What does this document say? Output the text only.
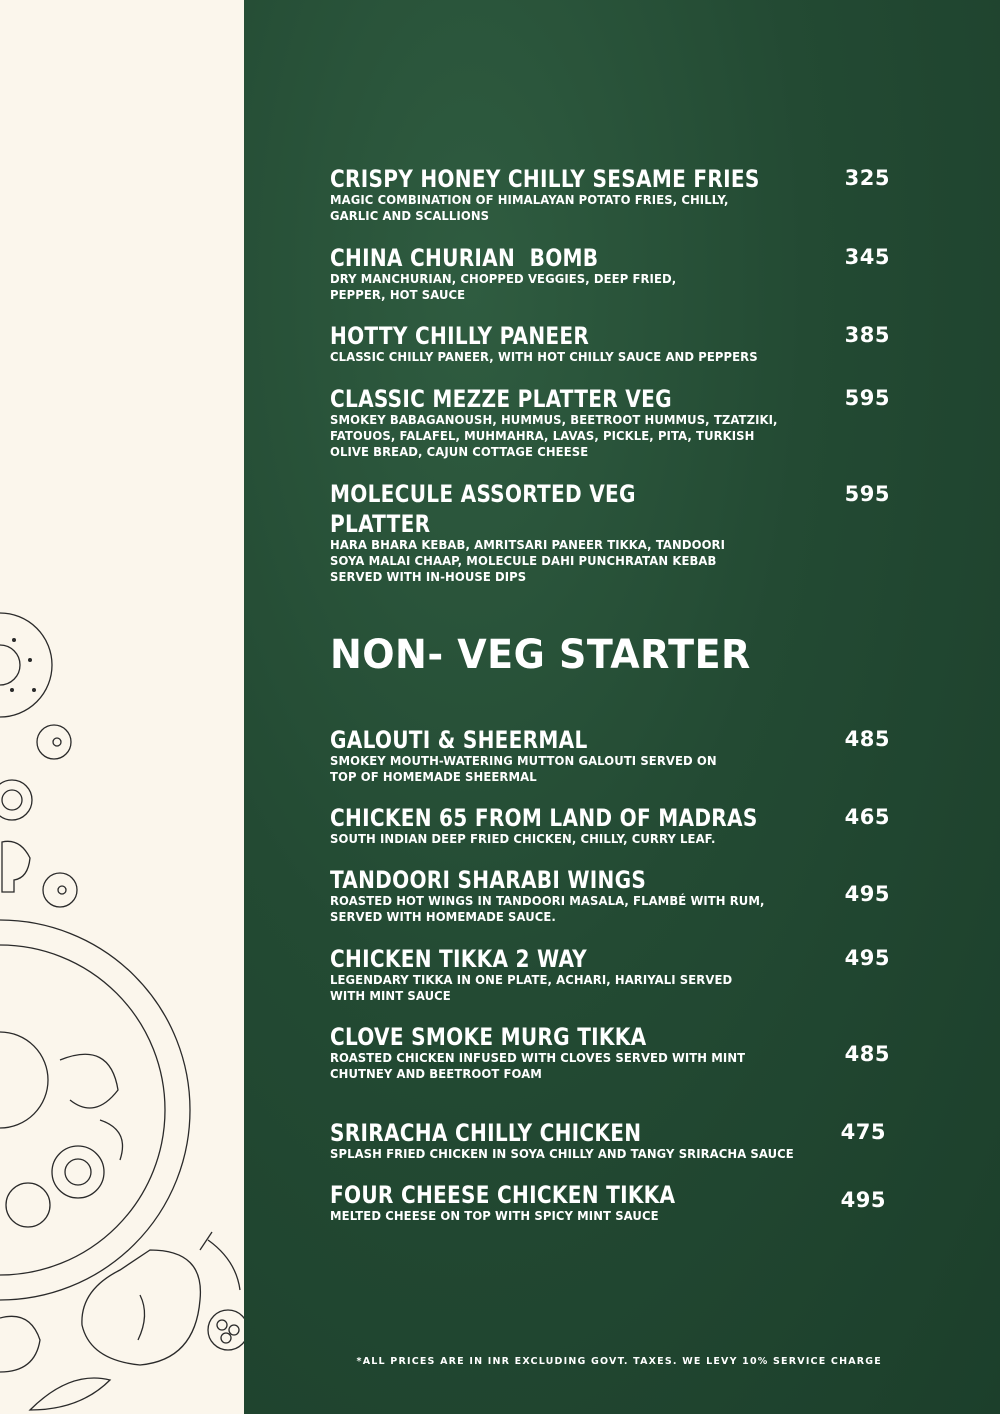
CRISPY HONEY CHILLY SESAME FRIES
MAGIC COMBINATION OF HIMALAYAN POTATO FRIES, CHILLY,
GARLIC AND SCALLIONS
325
CHINA CHURIAN  BOMB
DRY MANCHURIAN, CHOPPED VEGGIES, DEEP FRIED,
PEPPER, HOT SAUCE
345
HOTTY CHILLY PANEER
CLASSIC CHILLY PANEER, WITH HOT CHILLY SAUCE AND PEPPERS
385
CLASSIC MEZZE PLATTER VEG
SMOKEY BABAGANOUSH, HUMMUS, BEETROOT HUMMUS, TZATZIKI,
FATOUOS, FALAFEL, MUHMAHRA, LAVAS, PICKLE, PITA, TURKISH
OLIVE BREAD, CAJUN COTTAGE CHEESE
595
MOLECULE ASSORTED VEG PLATTER
HARA BHARA KEBAB, AMRITSARI PANEER TIKKA, TANDOORI
SOYA MALAI CHAAP, MOLECULE DAHI PUNCHRATAN KEBAB
SERVED WITH IN-HOUSE DIPS
595
NON- VEG STARTER
GALOUTI & SHEERMAL
SMOKEY MOUTH-WATERING MUTTON GALOUTI SERVED ON
TOP OF HOMEMADE SHEERMAL
485
CHICKEN 65 FROM LAND OF MADRAS
SOUTH INDIAN DEEP FRIED CHICKEN, CHILLY, CURRY LEAF.
465
TANDOORI SHARABI WINGS
ROASTED HOT WINGS IN TANDOORI MASALA, FLAMBÉ WITH RUM,
SERVED WITH HOMEMADE SAUCE.
495
CHICKEN TIKKA 2 WAY
LEGENDARY TIKKA IN ONE PLATE, ACHARI, HARIYALI SERVED
WITH MINT SAUCE
495
CLOVE SMOKE MURG TIKKA
ROASTED CHICKEN INFUSED WITH CLOVES SERVED WITH MINT
CHUTNEY AND BEETROOT FOAM
485
SRIRACHA CHILLY CHICKEN
SPLASH FRIED CHICKEN IN SOYA CHILLY AND TANGY SRIRACHA SAUCE
475
FOUR CHEESE CHICKEN TIKKA
MELTED CHEESE ON TOP WITH SPICY MINT SAUCE
495
*ALL PRICES ARE IN INR EXCLUDING GOVT. TAXES. WE LEVY 10% SERVICE CHARGE
